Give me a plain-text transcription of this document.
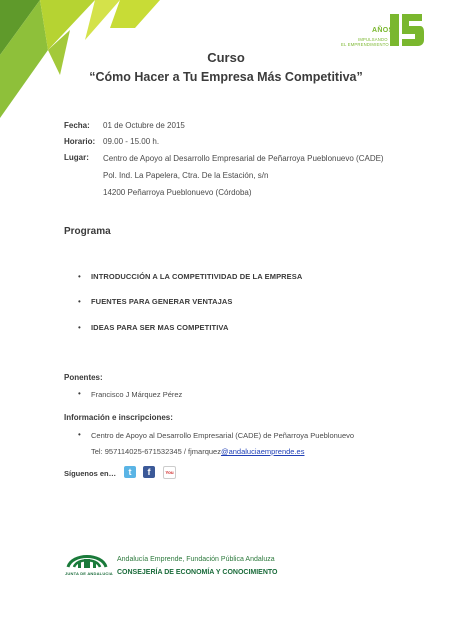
AÑOS
IMPULSANDO
EL EMPRENDIMIENTO
Curso
“Cómo Hacer a Tu Empresa Más Competitiva”
Fecha: 01 de Octubre de 2015
Horario: 09.00 - 15.00 h.
Lugar: Centro de Apoyo al Desarrollo Empresarial de Peñarroya Pueblonuevo (CADE)
Pol. Ind. La Papelera, Ctra. De la Estación, s/n
14200 Peñarroya Pueblonuevo (Córdoba)
Programa
• INTRODUCCIÓN A LA COMPETITIVIDAD DE LA EMPRESA
• FUENTES PARA GENERAR VENTAJAS
• IDEAS PARA SER MAS COMPETITIVA
Ponentes:
• Francisco J Márquez Pérez
Información e inscripciones:
• Centro de Apoyo al Desarrollo Empresarial (CADE) de Peñarroya Pueblonuevo
Tel: 957114025-671532345 / fjmarquez@andaluciaemprende.es
Síguenos en…	t	f	You
JUNTA DE ANDALUCIA
Andalucía Emprende, Fundación Pública Andaluza
CONSEJERÍA DE ECONOMÍA Y CONOCIMIENTO
